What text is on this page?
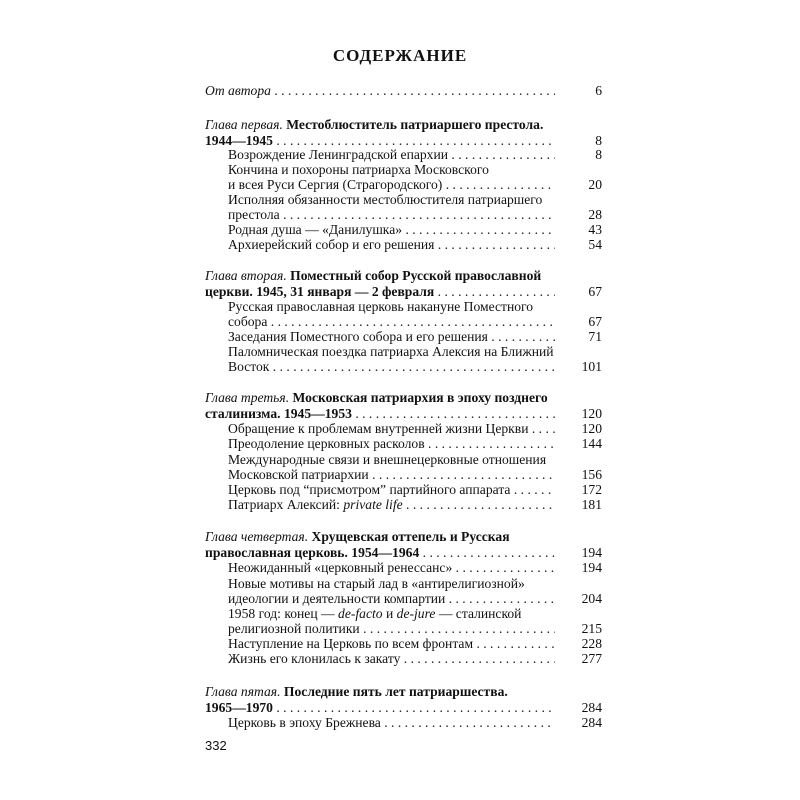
СОДЕРЖАНИЕ
От автора . . .	6
Глава первая. Местоблюститель патриаршего престола.
1944—1945 . . .	8
Возрождение Ленинградской епархии . . .	8
Кончина и похороны патриарха Московского
и всея Руси Сергия (Страгородского) . . .	20
Исполняя обязанности местоблюстителя патриаршего
престола . . .	28
Родная душа — «Данилушка» . . .	43
Архиерейский собор и его решения . . .	54
Глава вторая. Поместный собор Русской православной
церкви. 1945, 31 января — 2 февраля . . .	67
Русская православная церковь накануне Поместного
собора . . .	67
Заседания Поместного собора и его решения . . .	71
Паломническая поездка патриарха Алексия на Ближний
Восток . . .	101
Глава третья. Московская патриархия в эпоху позднего
сталинизма. 1945—1953 . . .	120
Обращение к проблемам внутренней жизни Церкви . . .	120
Преодоление церковных расколов . . .	144
Международные связи и внешнецерковные отношения
Московской патриархии . . .	156
Церковь под “присмотром” партийного аппарата . . .	172
Патриарх Алексий: private life . . .	181
Глава четвертая. Хрущевская оттепель и Русская
православная церковь. 1954—1964 . . .	194
Неожиданный «церковный ренессанс» . . .	194
Новые мотивы на старый лад в «антирелигиозной»
идеологии и деятельности компартии . . .	204
1958 год: конец — de-facto и de-jure — сталинской
религиозной политики . . .	215
Наступление на Церковь по всем фронтам . . .	228
Жизнь его клонилась к закату . . .	277
Глава пятая. Последние пять лет патриаршества.
1965—1970 . . .	284
Церковь в эпоху Брежнева . . .	284
332
